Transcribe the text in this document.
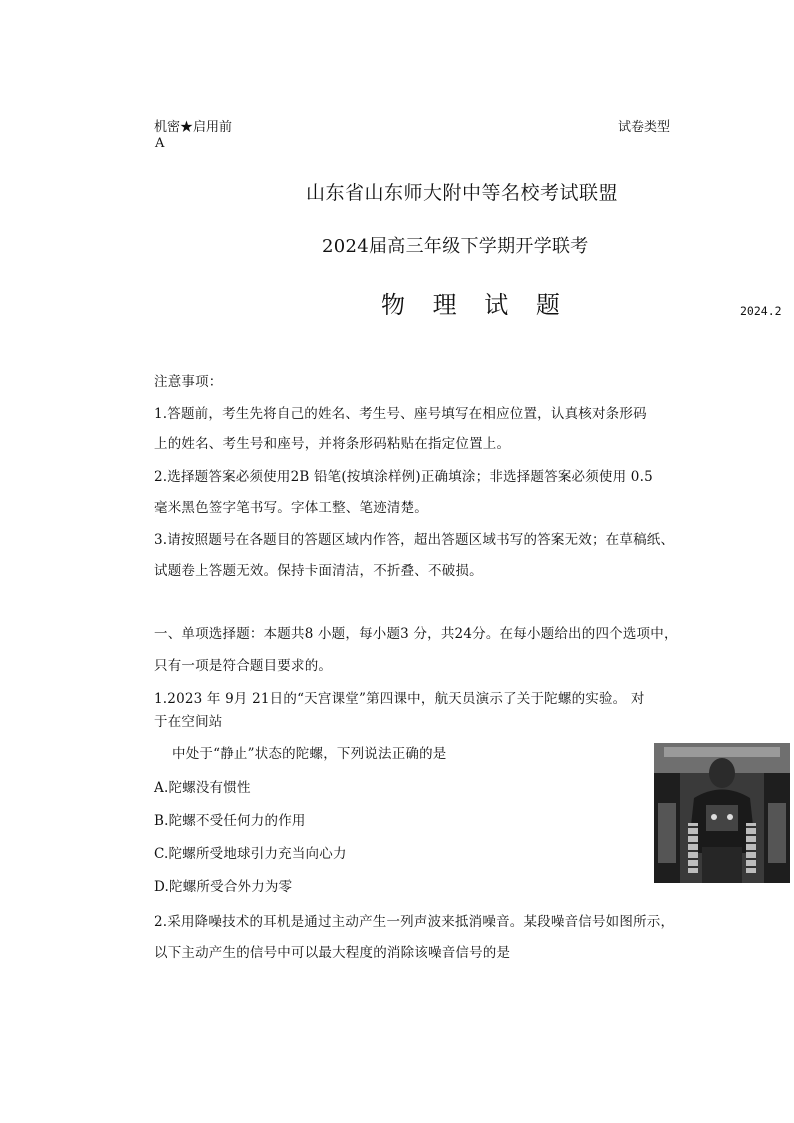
机密★启用前	试卷类型
A
山东省山东师大附中等名校考试联盟
2024届高三年级下学期开学联考
物 理 试 题	2024.2
注意事项：
1.答题前，考生先将自己的姓名、考生号、座号填写在相应位置，认真核对条形码
上的姓名、考生号和座号，并将条形码粘贴在指定位置上。
2.选择题答案必须使用2B 铅笔(按填涂样例)正确填涂；非选择题答案必须使用 0.5
毫米黑色签字笔书写。字体工整、笔迹清楚。
3.请按照题号在各题目的答题区域内作答，超出答题区域书写的答案无效；在草稿纸、
试题卷上答题无效。保持卡面清洁，不折叠、不破损。
一、单项选择题：本题共8 小题，每小题3 分，共24分。在每小题给出的四个选项中，
只有一项是符合题目要求的。
1.2023 年 9月 21日的“天宫课堂”第四课中，航天员演示了关于陀螺的实验。 对
于在空间站
中处于“静止”状态的陀螺，下列说法正确的是
A.陀螺没有惯性
B.陀螺不受任何力的作用
C.陀螺所受地球引力充当向心力
D.陀螺所受合外力为零
2.采用降噪技术的耳机是通过主动产生一列声波来抵消噪音。某段噪音信号如图所示，
以下主动产生的信号中可以最大程度的消除该噪音信号的是
